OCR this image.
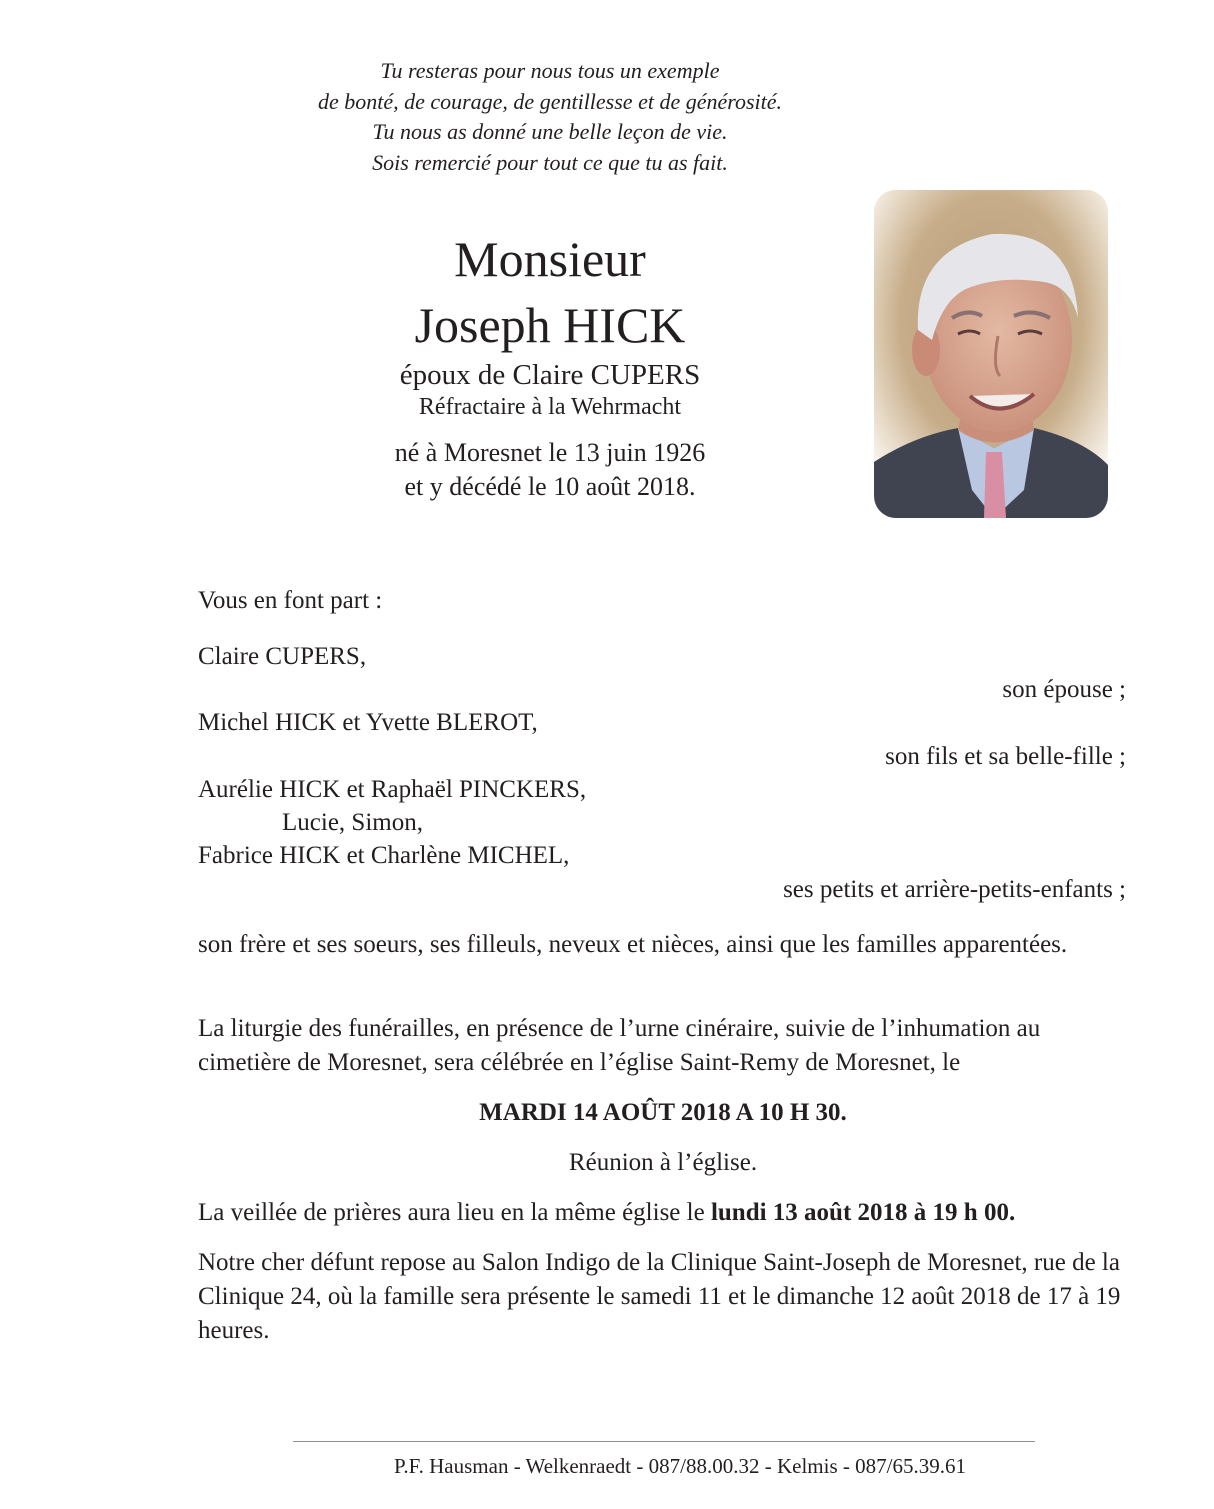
Tu resteras pour nous tous un exemple
de bonté, de courage, de gentillesse et de générosité.
Tu nous as donné une belle leçon de vie.
Sois remercié pour tout ce que tu as fait.
Monsieur
Joseph HICK
époux de Claire CUPERS
Réfractaire à la Wehrmacht
né à Moresnet le 13 juin 1926
et y décédé le 10 août 2018.
Vous en font part :
Claire CUPERS,
son épouse ;
Michel HICK et Yvette BLEROT,
son fils et sa belle-fille ;
Aurélie HICK et Raphaël PINCKERS,
Lucie, Simon,
Fabrice HICK et Charlène MICHEL,
ses petits et arrière-petits-enfants ;
son frère et ses soeurs, ses filleuls, neveux et nièces, ainsi que les familles apparentées.
La liturgie des funérailles, en présence de l’urne cinéraire, suivie de l’inhumation au cimetière de Moresnet, sera célébrée en l’église Saint-Remy de Moresnet, le
MARDI 14 AOÛT 2018 A 10 H 30.
Réunion à l’église.
La veillée de prières aura lieu en la même église le lundi 13 août 2018 à 19 h 00.
Notre cher défunt repose au Salon Indigo de la Clinique Saint-Joseph de Moresnet, rue de la Clinique 24, où la famille sera présente le samedi 11 et le dimanche 12 août 2018 de 17 à 19 heures.
P.F. Hausman - Welkenraedt - 087/88.00.32 - Kelmis - 087/65.39.61
